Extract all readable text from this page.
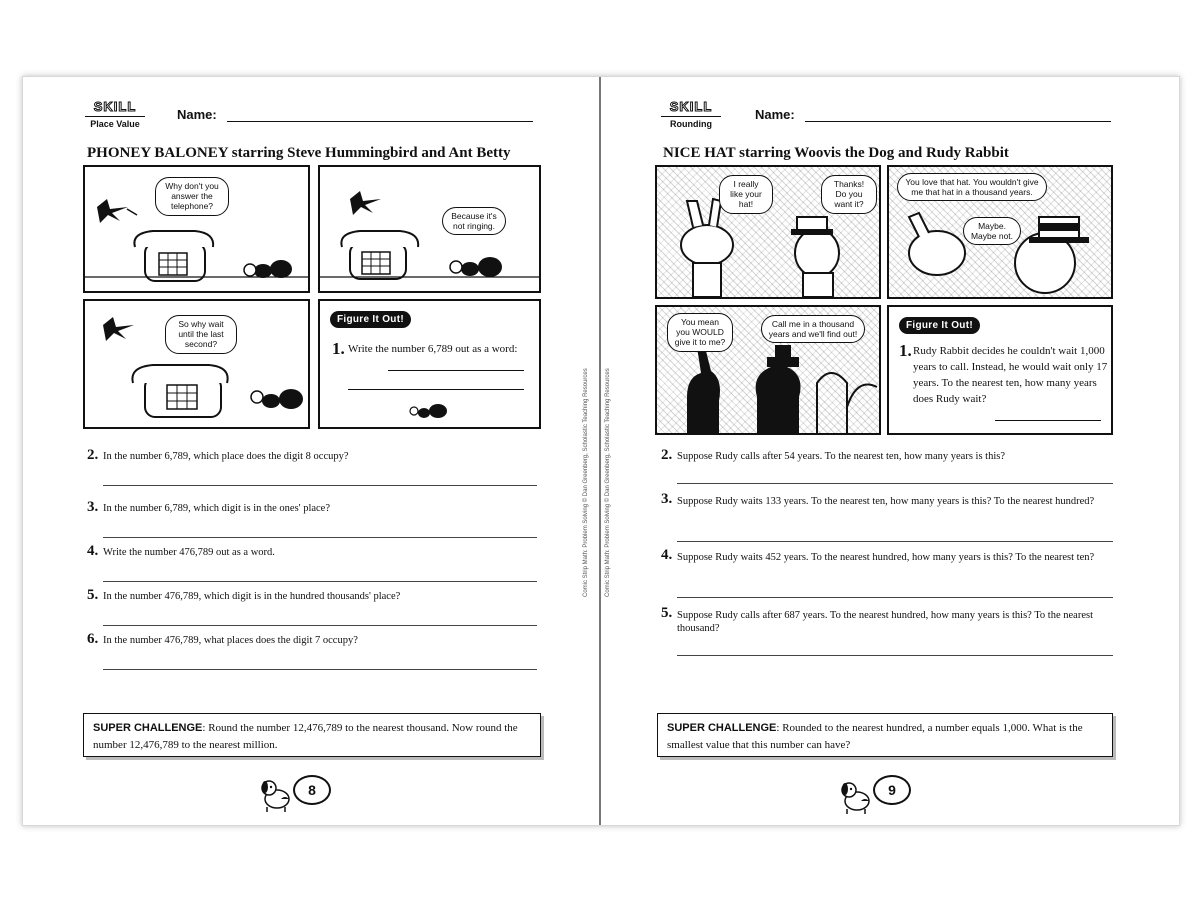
SKILL
Place Value
Name:
PHONEY BALONEY starring Steve Hummingbird and Ant Betty
Why don't you answer the telephone?
Because it's not ringing.
So why wait until the last second?
Figure It Out!
1. Write the number 6,789 out as a word:
2. In the number 6,789, which place does the digit 8 occupy?
3. In the number 6,789, which digit is in the ones' place?
4. Write the number 476,789 out as a word.
5. In the number 476,789, which digit is in the hundred thousands' place?
6. In the number 476,789, what places does the digit 7 occupy?
SUPER CHALLENGE: Round the number 12,476,789 to the nearest thousand. Now round the number 12,476,789 to the nearest million.
8
Comic Strip Math: Problem Solving © Dan Greenberg, Scholastic Teaching Resources	Comic Strip Math: Problem Solving © Dan Greenberg, Scholastic Teaching Resources
SKILL
Rounding
Name:
NICE HAT starring Woovis the Dog and Rudy Rabbit
I really like your hat!
Thanks! Do you want it?
You love that hat. You wouldn't give me that hat in a thousand years.
Maybe. Maybe not.
You mean you WOULD give it to me?
Call me in a thousand years and we'll find out!
Figure It Out!
1. Rudy Rabbit decides he couldn't wait 1,000 years to call. Instead, he would wait only 17 years. To the nearest ten, how many years does Rudy wait?
2. Suppose Rudy calls after 54 years. To the nearest ten, how many years is this?
3. Suppose Rudy waits 133 years. To the nearest ten, how many years is this? To the nearest hundred?
4. Suppose Rudy waits 452 years. To the nearest hundred, how many years is this? To the nearest ten?
5. Suppose Rudy calls after 687 years. To the nearest hundred, how many years is this? To the nearest thousand?
SUPER CHALLENGE: Rounded to the nearest hundred, a number equals 1,000. What is the smallest value that this number can have?
9
